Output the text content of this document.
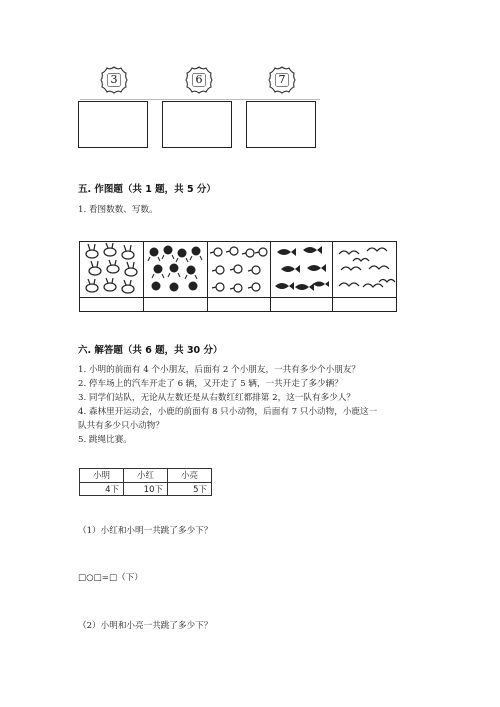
3	6	7
五. 作图题（共 1 题，共 5 分）
1. 看图数数、写数。
六. 解答题（共 6 题，共 30 分）
1. 小明的前面有 4 个小朋友，后面有 2 个小朋友，一共有多少个小朋友？
2. 停车场上的汽车开走了 6 辆，又开走了 5 辆，一共开走了多少辆？
3. 同学们站队，无论从左数还是从右数红红都排第 2，这一队有多少人？
4. 森林里开运动会，小鹿的前面有 8 只小动物，后面有 7 只小动物，小鹿这一
队共有多少只小动物？
5. 跳绳比赛。
小明	小红	小亮
4下	10下	5下
（1）小红和小明一共跳了多少下？
□○□=□（下）
（2）小明和小亮一共跳了多少下？
